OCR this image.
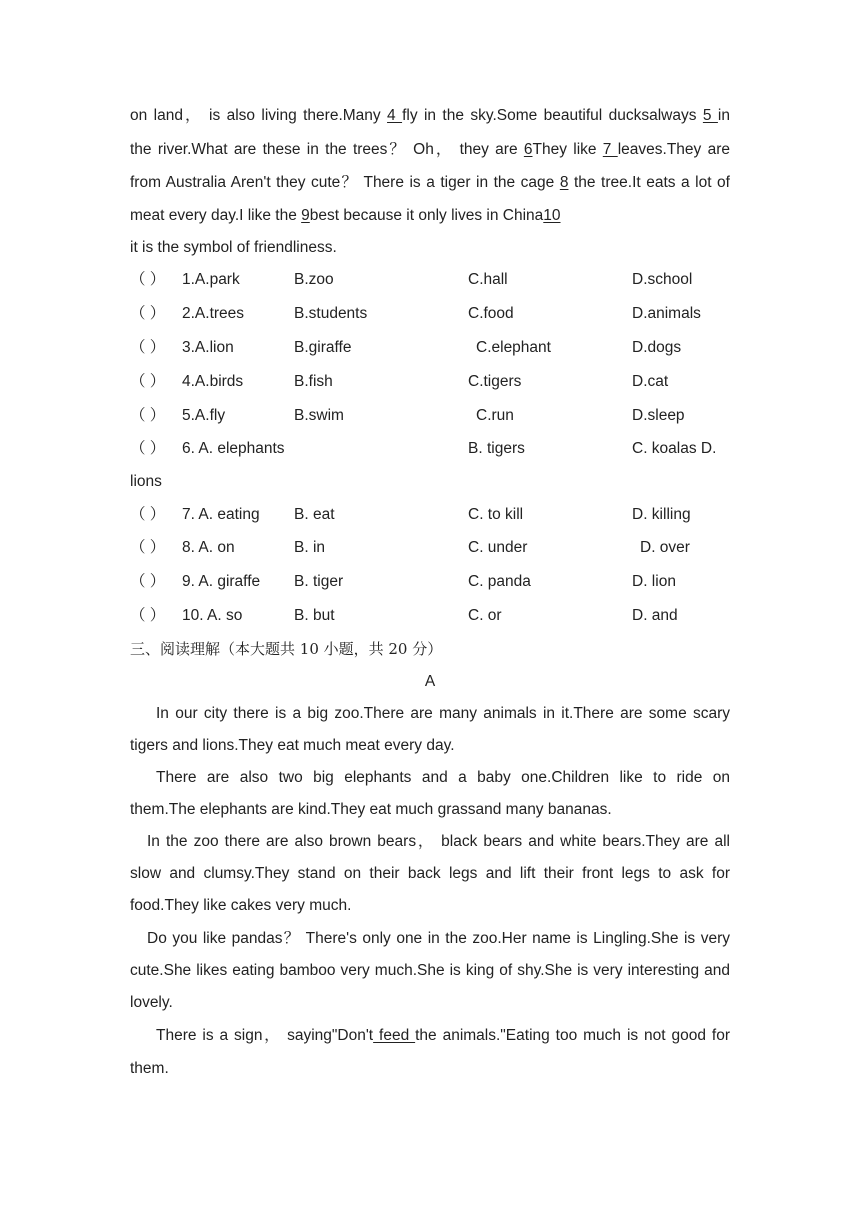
on land， is also living there.Many 4 fly in the sky.Some beautiful ducksalways 5 in
the river.What are these in the trees？ Oh， they are 6They like 7 leaves.They are
from Australia Aren't they cute？ There is a tiger in the cage 8 the tree.It eats a lot of
meat every day.I like the 9best because it only lives in China10
it is the symbol of friendliness.
（ ） 1.A.park	B.zoo	C.hall	D.school
（ ） 2.A.trees	B.students	C.food	D.animals
（ ） 3.A.lion	B.giraffe	C.elephant	D.dogs
（ ） 4.A.birds	B.fish	C.tigers	D.cat
（ ） 5.A.fly	B.swim	C.run	D.sleep
（ ） 6. A. elephants	B. tigers	C. koalas D.
lions
（ ） 7. A. eating B. eat	C. to kill	D. killing
（ ） 8. A. on	B. in	C. under	D. over
（ ） 9. A. giraffe B. tiger	C. panda	D. lion
（ ） 10. A. so	B. but	C. or	D. and
三、阅读理解（本大题共 10 小题，共 20 分）
A
In our city there is a big zoo.There are many animals in it.There are some scary
tigers and lions.They eat much meat every day.
There are also two big elephants and a baby one.Children like to ride on
them.The elephants are kind.They eat much grassand many bananas.
In the zoo there are also brown bears， black bears and white bears.They are all
slow and clumsy.They stand on their back legs and lift their front legs to ask for
food.They like cakes very much.
Do you like pandas？ There's only one in the zoo.Her name is Lingling.She is very
cute.She likes eating bamboo very much.She is king of shy.She is very interesting and
lovely.
There is a sign， saying"Don't feed the animals."Eating too much is not good for
them.
